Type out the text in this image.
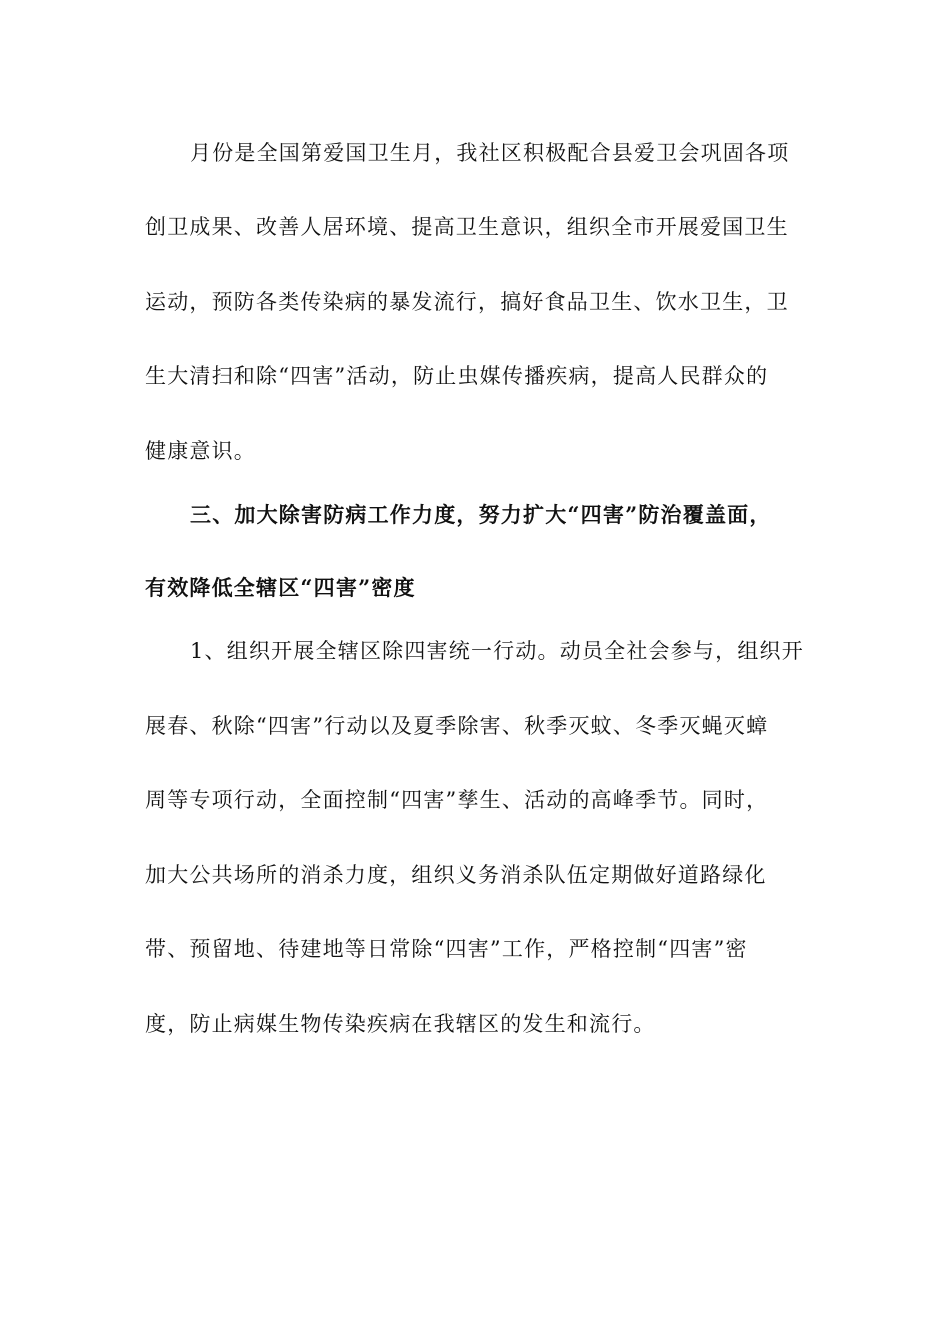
月份是全国第爱国卫生月，我社区积极配合县爱卫会巩固各项
创卫成果、改善人居环境、提高卫生意识，组织全市开展爱国卫生
运动，预防各类传染病的暴发流行，搞好食品卫生、饮水卫生，卫
生大清扫和除“四害”活动，防止虫媒传播疾病，提高人民群众的
健康意识。
三、加大除害防病工作力度，努力扩大“四害”防治覆盖面，
有效降低全辖区“四害”密度
1、组织开展全辖区除四害统一行动。动员全社会参与，组织开
展春、秋除“四害”行动以及夏季除害、秋季灭蚊、冬季灭蝇灭蟑
周等专项行动，全面控制“四害”孳生、活动的高峰季节。同时，
加大公共场所的消杀力度，组织义务消杀队伍定期做好道路绿化
带、预留地、待建地等日常除“四害”工作，严格控制“四害”密
度，防止病媒生物传染疾病在我辖区的发生和流行。
